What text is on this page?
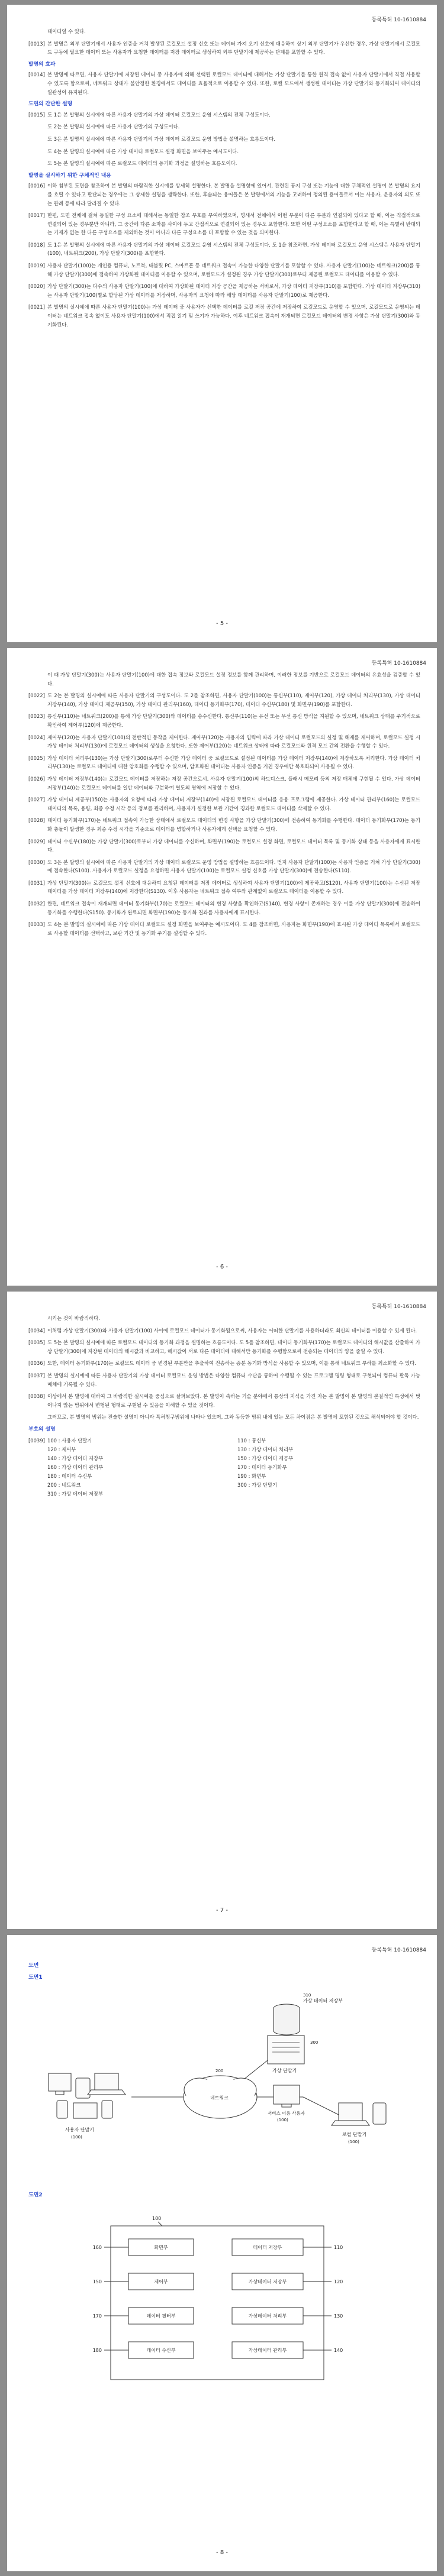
등록특허 10-1610884
데이터일 수 있다.
[0013] 본 발명은 외부 단말기에서 사용자 인증을 거쳐 발생된 로컬모드 설정 신호 또는 데이터 가져 오기 신호에 대응하여 상기 외부 단말기가 우선한 경우, 가상 단말기에서 로컬모드 구동에 필요한 데이터 또는 사용자가 요청한 데이터를 저장 데이터로 생성하여 외부 단말기에 제공하는 단계를 포함할 수 있다.
발명의 효과
[0014] 본 발명에 따르면, 사용자 단말기에 저장된 데이터 중 사용자에 의해 선택된 로컬모드 데이터에 대해서는 가상 단말기를 통한 원격 접속 없이 사용자 단말기에서 직접 사용할 수 있도록 함으로써, 네트워크 상태가 불안정한 환경에서도 데이터를 효율적으로 이용할 수 있다. 또한, 로컬 모드에서 생성된 데이터는 가상 단말기와 동기화되어 데이터의 일관성이 유지된다.
도면의 간단한 설명
[0015] 도 1은 본 발명의 실시예에 따른 사용자 단말기의 가상 데이터 로컬모드 운영 시스템의 전체 구성도이다.
도 2는 본 발명의 실시예에 따른 사용자 단말기의 구성도이다.
도 3은 본 발명의 실시예에 따른 사용자 단말기의 가상 데이터 로컬모드 운영 방법을 설명하는 흐름도이다.
도 4는 본 발명의 실시예에 따른 가상 데이터 로컬모드 설정 화면을 보여주는 예시도이다.
도 5는 본 발명의 실시예에 따른 로컬모드 데이터의 동기화 과정을 설명하는 흐름도이다.
발명을 실시하기 위한 구체적인 내용
[0016] 이하 첨부된 도면을 참조하여 본 발명의 바람직한 실시예를 상세히 설명한다. 본 발명을 설명함에 있어서, 관련된 공지 구성 또는 기능에 대한 구체적인 설명이 본 발명의 요지를 흐릴 수 있다고 판단되는 경우에는 그 상세한 설명을 생략한다. 또한, 후술되는 용어들은 본 발명에서의 기능을 고려하여 정의된 용어들로서 이는 사용자, 운용자의 의도 또는 관례 등에 따라 달라질 수 있다.
[0017] 한편, 도면 전체에 걸쳐 동일한 구성 요소에 대해서는 동일한 참조 부호를 부여하였으며, 명세서 전체에서 어떤 부분이 다른 부분과 연결되어 있다고 할 때, 이는 직접적으로 연결되어 있는 경우뿐만 아니라, 그 중간에 다른 소자를 사이에 두고 간접적으로 연결되어 있는 경우도 포함한다. 또한 어떤 구성요소를 포함한다고 할 때, 이는 특별히 반대되는 기재가 없는 한 다른 구성요소를 제외하는 것이 아니라 다른 구성요소를 더 포함할 수 있는 것을 의미한다.
[0018] 도 1은 본 발명의 실시예에 따른 사용자 단말기의 가상 데이터 로컬모드 운영 시스템의 전체 구성도이다. 도 1을 참조하면, 가상 데이터 로컬모드 운영 시스템은 사용자 단말기(100), 네트워크(200), 가상 단말기(300)를 포함한다.
[0019] 사용자 단말기(100)는 개인용 컴퓨터, 노트북, 태블릿 PC, 스마트폰 등 네트워크 접속이 가능한 다양한 단말기를 포함할 수 있다. 사용자 단말기(100)는 네트워크(200)를 통해 가상 단말기(300)에 접속하여 가상화된 데이터를 이용할 수 있으며, 로컬모드가 설정된 경우 가상 단말기(300)로부터 제공된 로컬모드 데이터를 이용할 수 있다.
[0020] 가상 단말기(300)는 다수의 사용자 단말기(100)에 대하여 가상화된 데이터 저장 공간을 제공하는 서버로서, 가상 데이터 저장부(310)를 포함한다. 가상 데이터 저장부(310)는 사용자 단말기(100)별로 할당된 가상 데이터를 저장하며, 사용자의 요청에 따라 해당 데이터를 사용자 단말기(100)로 제공한다.
[0021] 본 발명의 실시예에 따른 사용자 단말기(100)는 가상 데이터 중 사용자가 선택한 데이터를 로컬 저장 공간에 저장하여 로컬모드로 운영할 수 있으며, 로컬모드로 운영되는 데이터는 네트워크 접속 없이도 사용자 단말기(100)에서 직접 읽기 및 쓰기가 가능하다. 이후 네트워크 접속이 재개되면 로컬모드 데이터의 변경 사항은 가상 단말기(300)와 동기화된다.
- 5 -
등록특허 10-1610884
이 때 가상 단말기(300)는 사용자 단말기(100)에 대한 접속 정보와 로컬모드 설정 정보를 함께 관리하며, 이러한 정보를 기반으로 로컬모드 데이터의 유효성을 검증할 수 있다.
[0022] 도 2는 본 발명의 실시예에 따른 사용자 단말기의 구성도이다. 도 2를 참조하면, 사용자 단말기(100)는 통신부(110), 제어부(120), 가상 데이터 처리부(130), 가상 데이터 저장부(140), 가상 데이터 제공부(150), 가상 데이터 관리부(160), 데이터 동기화부(170), 데이터 수신부(180) 및 화면부(190)를 포함한다.
[0023] 통신부(110)는 네트워크(200)를 통해 가상 단말기(300)와 데이터를 송수신한다. 통신부(110)는 유선 또는 무선 통신 방식을 지원할 수 있으며, 네트워크 상태를 주기적으로 확인하여 제어부(120)에 제공한다.
[0024] 제어부(120)는 사용자 단말기(100)의 전반적인 동작을 제어한다. 제어부(120)는 사용자의 입력에 따라 가상 데이터 로컬모드의 설정 및 해제를 제어하며, 로컬모드 설정 시 가상 데이터 처리부(130)에 로컬모드 데이터의 생성을 요청한다. 또한 제어부(120)는 네트워크 상태에 따라 로컬모드와 원격 모드 간의 전환을 수행할 수 있다.
[0025] 가상 데이터 처리부(130)는 가상 단말기(300)로부터 수신한 가상 데이터 중 로컬모드로 설정된 데이터를 가상 데이터 저장부(140)에 저장하도록 처리한다. 가상 데이터 처리부(130)는 로컬모드 데이터에 대한 암호화를 수행할 수 있으며, 암호화된 데이터는 사용자 인증을 거친 경우에만 복호화되어 사용될 수 있다.
[0026] 가상 데이터 저장부(140)는 로컬모드 데이터를 저장하는 저장 공간으로서, 사용자 단말기(100)의 하드디스크, 플래시 메모리 등의 저장 매체에 구현될 수 있다. 가상 데이터 저장부(140)는 로컬모드 데이터를 일반 데이터와 구분하여 별도의 영역에 저장할 수 있다.
[0027] 가상 데이터 제공부(150)는 사용자의 요청에 따라 가상 데이터 저장부(140)에 저장된 로컬모드 데이터를 응용 프로그램에 제공한다. 가상 데이터 관리부(160)는 로컬모드 데이터의 목록, 용량, 최종 수정 시각 등의 정보를 관리하며, 사용자가 설정한 보관 기간이 경과한 로컬모드 데이터를 삭제할 수 있다.
[0028] 데이터 동기화부(170)는 네트워크 접속이 가능한 상태에서 로컬모드 데이터의 변경 사항을 가상 단말기(300)에 전송하여 동기화를 수행한다. 데이터 동기화부(170)는 동기화 충돌이 발생한 경우 최종 수정 시각을 기준으로 데이터를 병합하거나 사용자에게 선택을 요청할 수 있다.
[0029] 데이터 수신부(180)는 가상 단말기(300)로부터 가상 데이터를 수신하며, 화면부(190)는 로컬모드 설정 화면, 로컬모드 데이터 목록 및 동기화 상태 등을 사용자에게 표시한다.
[0030] 도 3은 본 발명의 실시예에 따른 사용자 단말기의 가상 데이터 로컬모드 운영 방법을 설명하는 흐름도이다. 먼저 사용자 단말기(100)는 사용자 인증을 거쳐 가상 단말기(300)에 접속한다(S100). 사용자가 로컬모드 설정을 요청하면 사용자 단말기(100)는 로컬모드 설정 신호를 가상 단말기(300)에 전송한다(S110).
[0031] 가상 단말기(300)는 로컬모드 설정 신호에 대응하여 요청된 데이터를 저장 데이터로 생성하여 사용자 단말기(100)에 제공하고(S120), 사용자 단말기(100)는 수신된 저장 데이터를 가상 데이터 저장부(140)에 저장한다(S130). 이후 사용자는 네트워크 접속 여부와 관계없이 로컬모드 데이터를 이용할 수 있다.
[0032] 한편, 네트워크 접속이 재개되면 데이터 동기화부(170)는 로컬모드 데이터의 변경 사항을 확인하고(S140), 변경 사항이 존재하는 경우 이를 가상 단말기(300)에 전송하여 동기화를 수행한다(S150). 동기화가 완료되면 화면부(190)는 동기화 결과를 사용자에게 표시한다.
[0033] 도 4는 본 발명의 실시예에 따른 가상 데이터 로컬모드 설정 화면을 보여주는 예시도이다. 도 4를 참조하면, 사용자는 화면부(190)에 표시된 가상 데이터 목록에서 로컬모드로 사용할 데이터를 선택하고, 보관 기간 및 동기화 주기를 설정할 수 있다.
- 6 -
등록특허 10-1610884
시키는 것이 바람직하다.
[0034] 이처럼 가상 단말기(300)와 사용자 단말기(100) 사이에 로컬모드 데이터가 동기화됨으로써, 사용자는 어떠한 단말기를 사용하더라도 최신의 데이터를 이용할 수 있게 된다.
[0035] 도 5는 본 발명의 실시예에 따른 로컬모드 데이터의 동기화 과정을 설명하는 흐름도이다. 도 5를 참조하면, 데이터 동기화부(170)는 로컬모드 데이터의 해시값을 산출하여 가상 단말기(300)에 저장된 데이터의 해시값과 비교하고, 해시값이 서로 다른 데이터에 대해서만 동기화를 수행함으로써 전송되는 데이터의 양을 줄일 수 있다.
[0036] 또한, 데이터 동기화부(170)는 로컬모드 데이터 중 변경된 부분만을 추출하여 전송하는 증분 동기화 방식을 사용할 수 있으며, 이를 통해 네트워크 부하를 최소화할 수 있다.
[0037] 본 발명의 실시예에 따른 사용자 단말기의 가상 데이터 로컬모드 운영 방법은 다양한 컴퓨터 수단을 통하여 수행될 수 있는 프로그램 명령 형태로 구현되어 컴퓨터 판독 가능 매체에 기록될 수 있다.
[0038] 이상에서 본 발명에 대하여 그 바람직한 실시예를 중심으로 살펴보았다. 본 발명이 속하는 기술 분야에서 통상의 지식을 가진 자는 본 발명이 본 발명의 본질적인 특성에서 벗어나지 않는 범위에서 변형된 형태로 구현될 수 있음을 이해할 수 있을 것이다.
그러므로, 본 발명의 범위는 전술한 설명이 아니라 특허청구범위에 나타나 있으며, 그와 동등한 범위 내에 있는 모든 차이점은 본 발명에 포함된 것으로 해석되어야 할 것이다.
부호의 설명
[0039] 100 : 사용자 단말기	110 : 통신부
120 : 제어부	130 : 가상 데이터 처리부
140 : 가상 데이터 저장부	150 : 가상 데이터 제공부
160 : 가상 데이터 관리부	170 : 데이터 동기화부
180 : 데이터 수신부	190 : 화면부
200 : 네트워크	300 : 가상 단말기
310 : 가상 데이터 저장부
- 7 -
등록특허 10-1610884
도면
도면1
가상 데이터 저장부
310
가상 단말기
300
네트워크
200
사용자 단말기
(100)
서비스 이용 사용자
(100)
로컬 단말기
(100)
도면2
100
화면부
160
제어부
150
데이터 필터부
170
데이터 수신부
180
데이터 저장부	110
가상데이터 저장부	120
가상데이터 처리부	130
가상데이터 관리부	140
- 8 -
